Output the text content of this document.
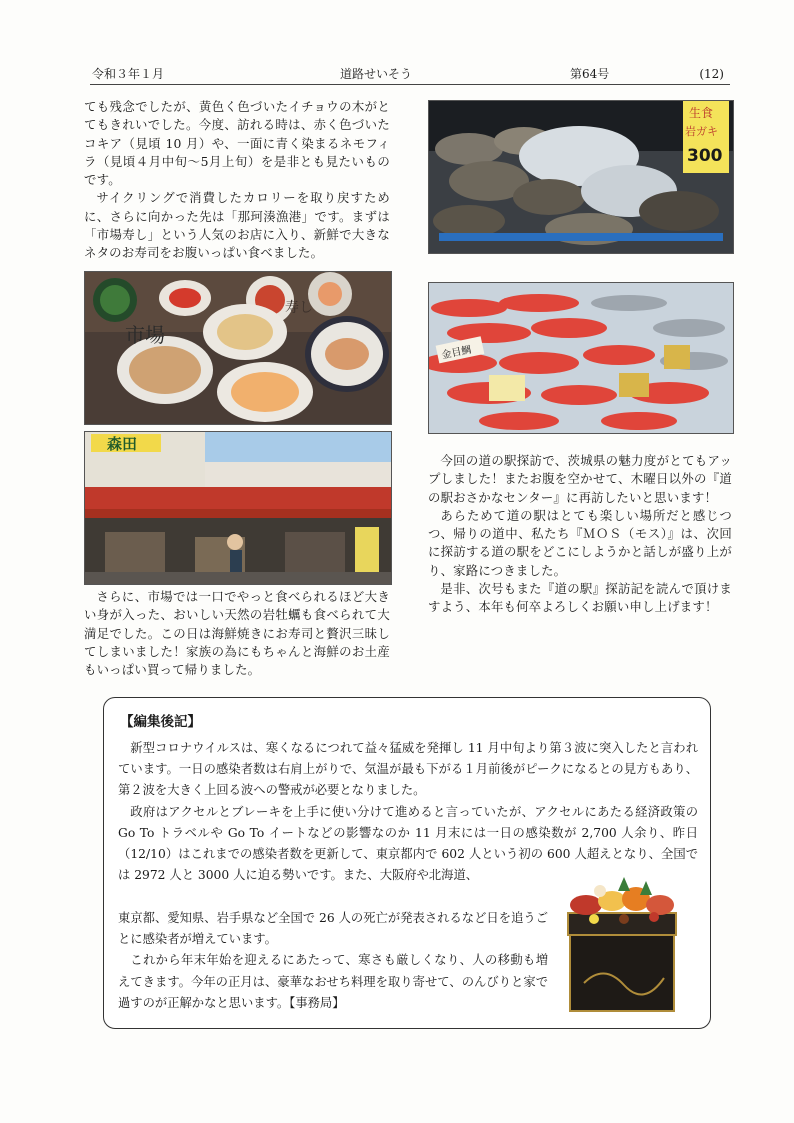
令和３年１月	道路せいそう	第64号	(12)

ても残念でしたが、黄色く色づいたイチョウの木がとてもきれいでした。今度、訪れる時は、赤く色づいたコキア（見頃 10 月）や、一面に青く染まるネモフィラ（見頃４月中旬～5月上旬）を是非とも見たいものです。

サイクリングで消費したカロリーを取り戻すために、さらに向かった先は「那珂湊漁港」です。まずは「市場寿し」という人気のお店に入り、新鮮で大きなネタのお寿司をお腹いっぱい食べました。

市場
寿し
森田

さらに、市場では一口でやっと食べられるほど大きい身が入った、おいしい天然の岩牡蠣も食べられて大満足でした。この日は海鮮焼きにお寿司と贅沢三昧してしまいました！家族の為にもちゃんと海鮮のお土産もいっぱい買って帰りました。

生食
岩ガキ
300
金目鯛

今回の道の駅探訪で、茨城県の魅力度がとてもアップしました！またお腹を空かせて、木曜日以外の『道の駅おさかなセンター』に再訪したいと思います！

あらためて道の駅はとても楽しい場所だと感じつつ、帰りの道中、私たち『ＭＯＳ（モス）』は、次回に探訪する道の駅をどこにしようかと話しが盛り上がり、家路につきました。

是非、次号もまた『道の駅』探訪記を読んで頂けますよう、本年も何卒よろしくお願い申し上げます！

【編集後記】

新型コロナウイルスは、寒くなるにつれて益々猛威を発揮し 11 月中旬より第３波に突入したと言われています。一日の感染者数は右肩上がりで、気温が最も下がる１月前後がピークになるとの見方もあり、第２波を大きく上回る波への警戒が必要となりました。

政府はアクセルとブレーキを上手に使い分けて進めると言っていたが、アクセルにあたる経済政策の Go To トラベルや Go To イートなどの影響なのか 11 月末には一日の感染数が 2,700 人余り、昨日（12/10）はこれまでの感染者数を更新して、東京都内で 602 人という初の 600 人超えとなり、全国では 2972 人と 3000 人に迫る勢いです。また、大阪府や北海道、

東京都、愛知県、岩手県など全国で 26 人の死亡が発表されるなど日を追うごとに感染者が増えています。

これから年末年始を迎えるにあたって、寒さも厳しくなり、人の移動も増えてきます。今年の正月は、豪華なおせち料理を取り寄せて、のんびりと家で過すのが正解かなと思います。【事務局】
